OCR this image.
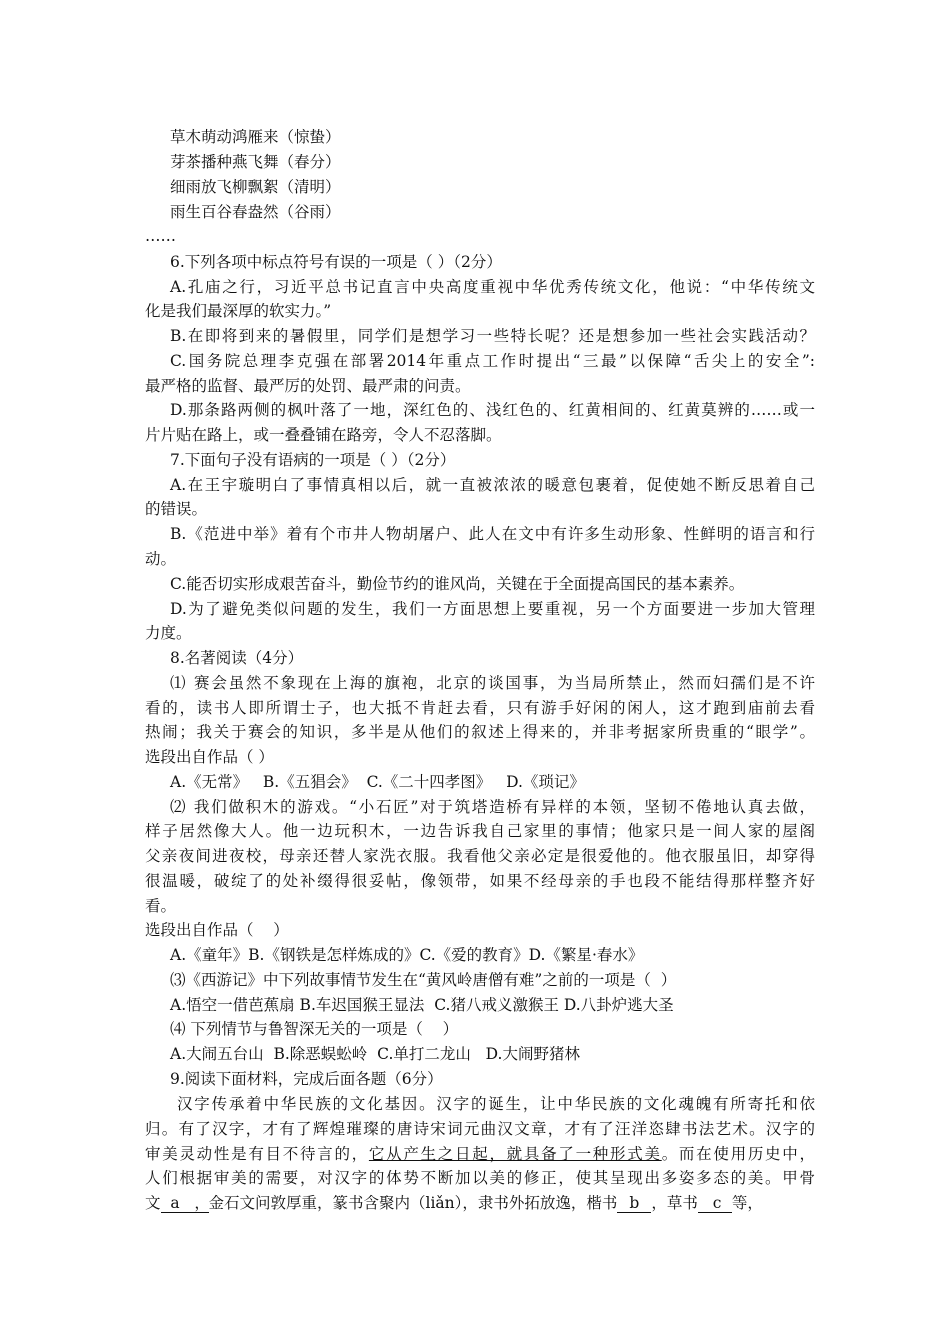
草木萌动鸿雁来（惊蛰）
芽茶播种燕飞舞（春分）
细雨放飞柳飘絮（清明）
雨生百谷春盎然（谷雨）
……
6.下列各项中标点符号有误的一项是（ ）（2分）
A.孔庙之行，习近平总书记直言中央高度重视中华优秀传统文化，他说：“中华传统文
化是我们最深厚的软实力。”
B.在即将到来的暑假里，同学们是想学习一些特长呢？还是想参加一些社会实践活动？
C.国务院总理李克强在部署2014年重点工作时提出“三最”以保障“舌尖上的安全”:
最严格的监督、最严厉的处罚、最严肃的问责。
D.那条路两侧的枫叶落了一地，深红色的、浅红色的、红黄相间的、红黄莫辨的……或一
片片贴在路上，或一叠叠铺在路旁，令人不忍落脚。
7.下面句子没有语病的一项是（ ）（2分）
A.在王宇璇明白了事情真相以后，就一直被浓浓的暖意包裹着，促使她不断反思着自己
的错误。
B.《范进中举》着有个市井人物胡屠户、此人在文中有许多生动形象、性鲜明的语言和行
动。
C.能否切实形成艰苦奋斗，勤俭节约的谁风尚，关键在于全面提高国民的基本素养。
D.为了避免类似问题的发生，我们一方面思想上要重视，另一个方面要进一步加大管理
力度。
8.名著阅读（4分）
⑴ 赛会虽然不象现在上海的旗袍，北京的谈国事，为当局所禁止，然而妇孺们是不许
看的，读书人即所谓士子，也大抵不肯赶去看，只有游手好闲的闲人，这才跑到庙前去看
热闹；我关于赛会的知识，多半是从他们的叙述上得来的，并非考据家所贵重的“眼学”。
选段出自作品（ ）
A.《无常》   B.《五猖会》  C.《二十四孝图》   D.《琐记》
⑵ 我们做积木的游戏。“小石匠”对于筑塔造桥有异样的本领，坚韧不倦地认真去做，
样子居然像大人。他一边玩积木，一边告诉我自己家里的事情；他家只是一间人家的屋阁
父亲夜间进夜校，母亲还替人家洗衣服。我看他父亲必定是很爱他的。他衣服虽旧，却穿得
很温暖，破绽了的处补缀得很妥帖，像领带，如果不经母亲的手也段不能结得那样整齐好
看。
选段出自作品（    ）
A.《童年》B.《钢铁是怎样炼成的》C.《爱的教育》D.《繁星·春水》
⑶《西游记》中下列故事情节发生在“黄风岭唐僧有难”之前的一项是（  ）
A.悟空一借芭蕉扇 B.车迟国猴王显法  C.猪八戒义激猴王 D.八卦炉逃大圣
⑷ 下列情节与鲁智深无关的一项是（    ）
A.大闹五台山  B.除恶蜈蚣岭  C.单打二龙山   D.大闹野猪林
9.阅读下面材料，完成后面各题（6分）
汉字传承着中华民族的文化基因。汉字的诞生，让中华民族的文化魂魄有所寄托和依
归。有了汉字，才有了辉煌璀璨的唐诗宋词元曲汉文章，才有了汪洋恣肆书法艺术。汉字的
审美灵动性是有目不待言的，它从产生之日起，就具备了一种形式美。而在使用历史中，
人们根据审美的需要，对汉字的体势不断加以美的修正，使其呈现出多姿多态的美。甲骨
文  a   ，金石文问敦厚重，篆书含聚内（liǎn），隶书外拓放逸，楷书  b  ，草书   c   等，
